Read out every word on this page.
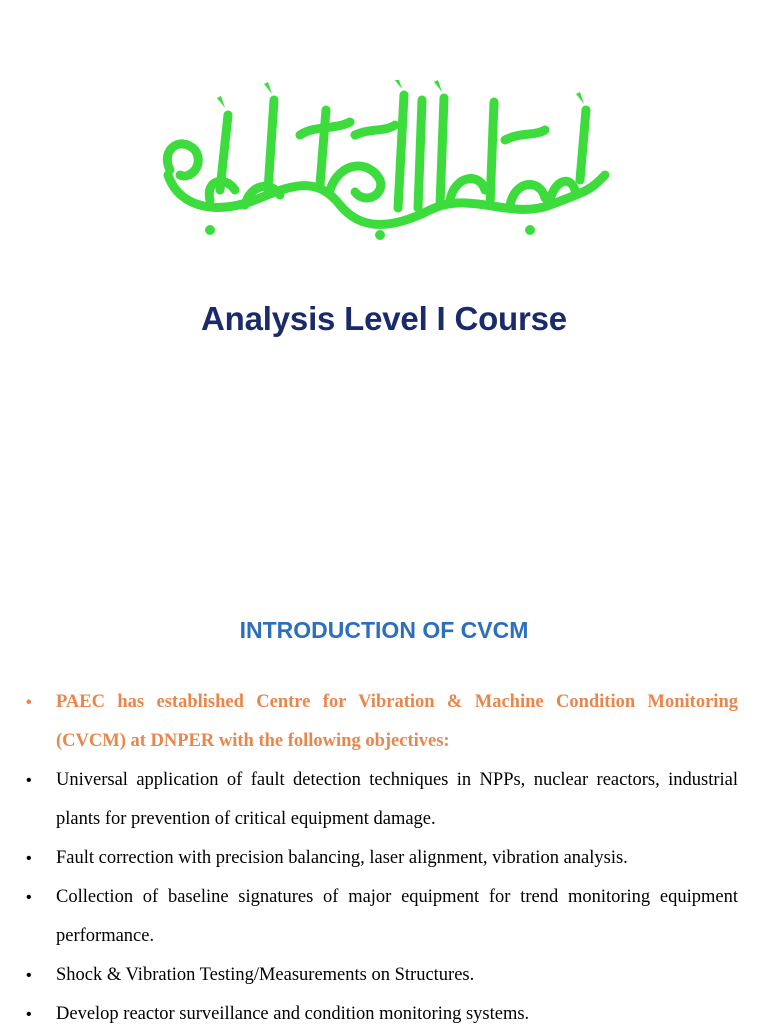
Analysis Level I Course
INTRODUCTION OF CVCM
•	PAEC has established Centre for Vibration & Machine Condition Monitoring (CVCM) at DNPER with the following objectives:
•	Universal application of fault detection techniques in NPPs, nuclear reactors, industrial plants for prevention of critical equipment damage.
•	Fault correction with precision balancing, laser alignment, vibration analysis.
•	Collection of baseline signatures of major equipment for trend monitoring equipment performance.
•	Shock & Vibration Testing/Measurements on Structures.
•	Develop reactor surveillance and condition monitoring systems.
